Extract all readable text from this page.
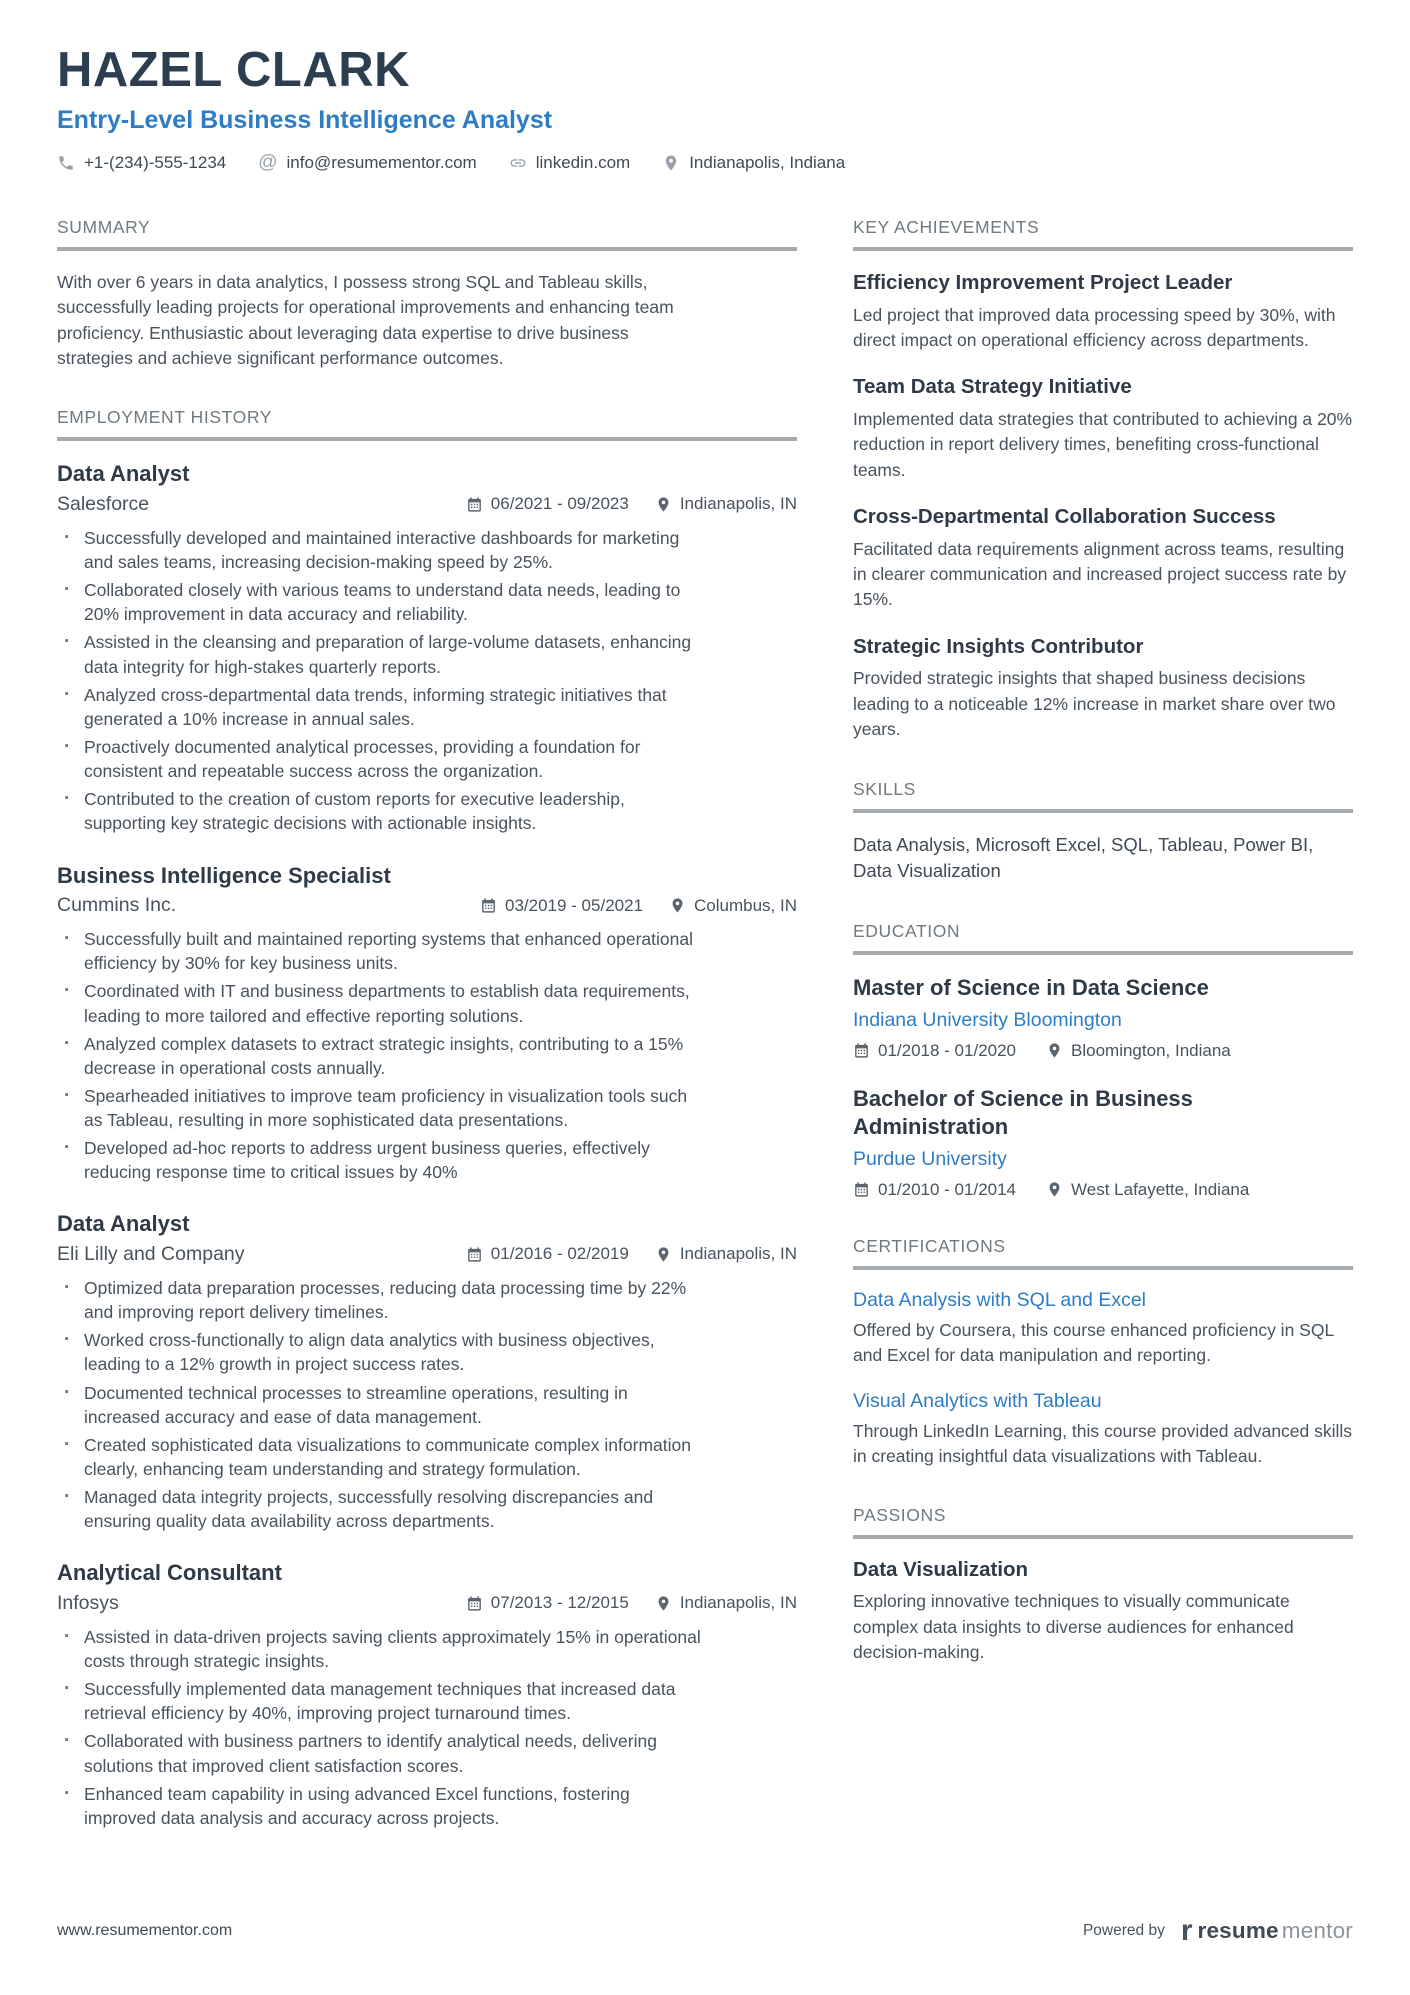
HAZEL CLARK
Entry-Level Business Intelligence Analyst
+1-(234)-555-1234 @ info@resumementor.com	linkedin.com	Indianapolis, Indiana
SUMMARY

With over 6 years in data analytics, I possess strong SQL and Tableau skills, successfully leading projects for operational improvements and enhancing team proficiency. Enthusiastic about leveraging data expertise to drive business strategies and achieve significant performance outcomes.

EMPLOYMENT HISTORY
Data Analyst
Salesforce	06/2021 - 09/2023	Indianapolis, IN
· Successfully developed and maintained interactive dashboards for marketing and sales teams, increasing decision-making speed by 25%.
· Collaborated closely with various teams to understand data needs, leading to 20% improvement in data accuracy and reliability.
· Assisted in the cleansing and preparation of large-volume datasets, enhancing data integrity for high-stakes quarterly reports.
· Analyzed cross-departmental data trends, informing strategic initiatives that generated a 10% increase in annual sales.
· Proactively documented analytical processes, providing a foundation for consistent and repeatable success across the organization.
· Contributed to the creation of custom reports for executive leadership, supporting key strategic decisions with actionable insights.
Business Intelligence Specialist
Cummins Inc.	03/2019 - 05/2021	Columbus, IN
· Successfully built and maintained reporting systems that enhanced operational efficiency by 30% for key business units.
· Coordinated with IT and business departments to establish data requirements, leading to more tailored and effective reporting solutions.
· Analyzed complex datasets to extract strategic insights, contributing to a 15% decrease in operational costs annually.
· Spearheaded initiatives to improve team proficiency in visualization tools such as Tableau, resulting in more sophisticated data presentations.
· Developed ad-hoc reports to address urgent business queries, effectively reducing response time to critical issues by 40%
Data Analyst
Eli Lilly and Company	01/2016 - 02/2019	Indianapolis, IN
· Optimized data preparation processes, reducing data processing time by 22% and improving report delivery timelines.
· Worked cross-functionally to align data analytics with business objectives, leading to a 12% growth in project success rates.
· Documented technical processes to streamline operations, resulting in increased accuracy and ease of data management.
· Created sophisticated data visualizations to communicate complex information clearly, enhancing team understanding and strategy formulation.
· Managed data integrity projects, successfully resolving discrepancies and ensuring quality data availability across departments.
Analytical Consultant
Infosys	07/2013 - 12/2015	Indianapolis, IN
· Assisted in data-driven projects saving clients approximately 15% in operational costs through strategic insights.
· Successfully implemented data management techniques that increased data retrieval efficiency by 40%, improving project turnaround times.
· Collaborated with business partners to identify analytical needs, delivering solutions that improved client satisfaction scores.
· Enhanced team capability in using advanced Excel functions, fostering improved data analysis and accuracy across projects.
KEY ACHIEVEMENTS
Efficiency Improvement Project Leader
Led project that improved data processing speed by 30%, with direct impact on operational efficiency across departments.
Team Data Strategy Initiative
Implemented data strategies that contributed to achieving a 20% reduction in report delivery times, benefiting cross-functional teams.
Cross-Departmental Collaboration Success
Facilitated data requirements alignment across teams, resulting in clearer communication and increased project success rate by 15%.
Strategic Insights Contributor
Provided strategic insights that shaped business decisions leading to a noticeable 12% increase in market share over two years.
SKILLS
Data Analysis, Microsoft Excel, SQL, Tableau, Power BI, Data Visualization
EDUCATION
Master of Science in Data Science
Indiana University Bloomington
01/2018 - 01/2020	Bloomington, Indiana
Bachelor of Science in Business Administration
Purdue University
01/2010 - 01/2014	West Lafayette, Indiana
CERTIFICATIONS
Data Analysis with SQL and Excel
Offered by Coursera, this course enhanced proficiency in SQL and Excel for data manipulation and reporting.
Visual Analytics with Tableau
Through LinkedIn Learning, this course provided advanced skills in creating insightful data visualizations with Tableau.
PASSIONS
Data Visualization
Exploring innovative techniques to visually communicate complex data insights to diverse audiences for enhanced decision-making.
www.resumementor.com	Powered by r resume mentor
